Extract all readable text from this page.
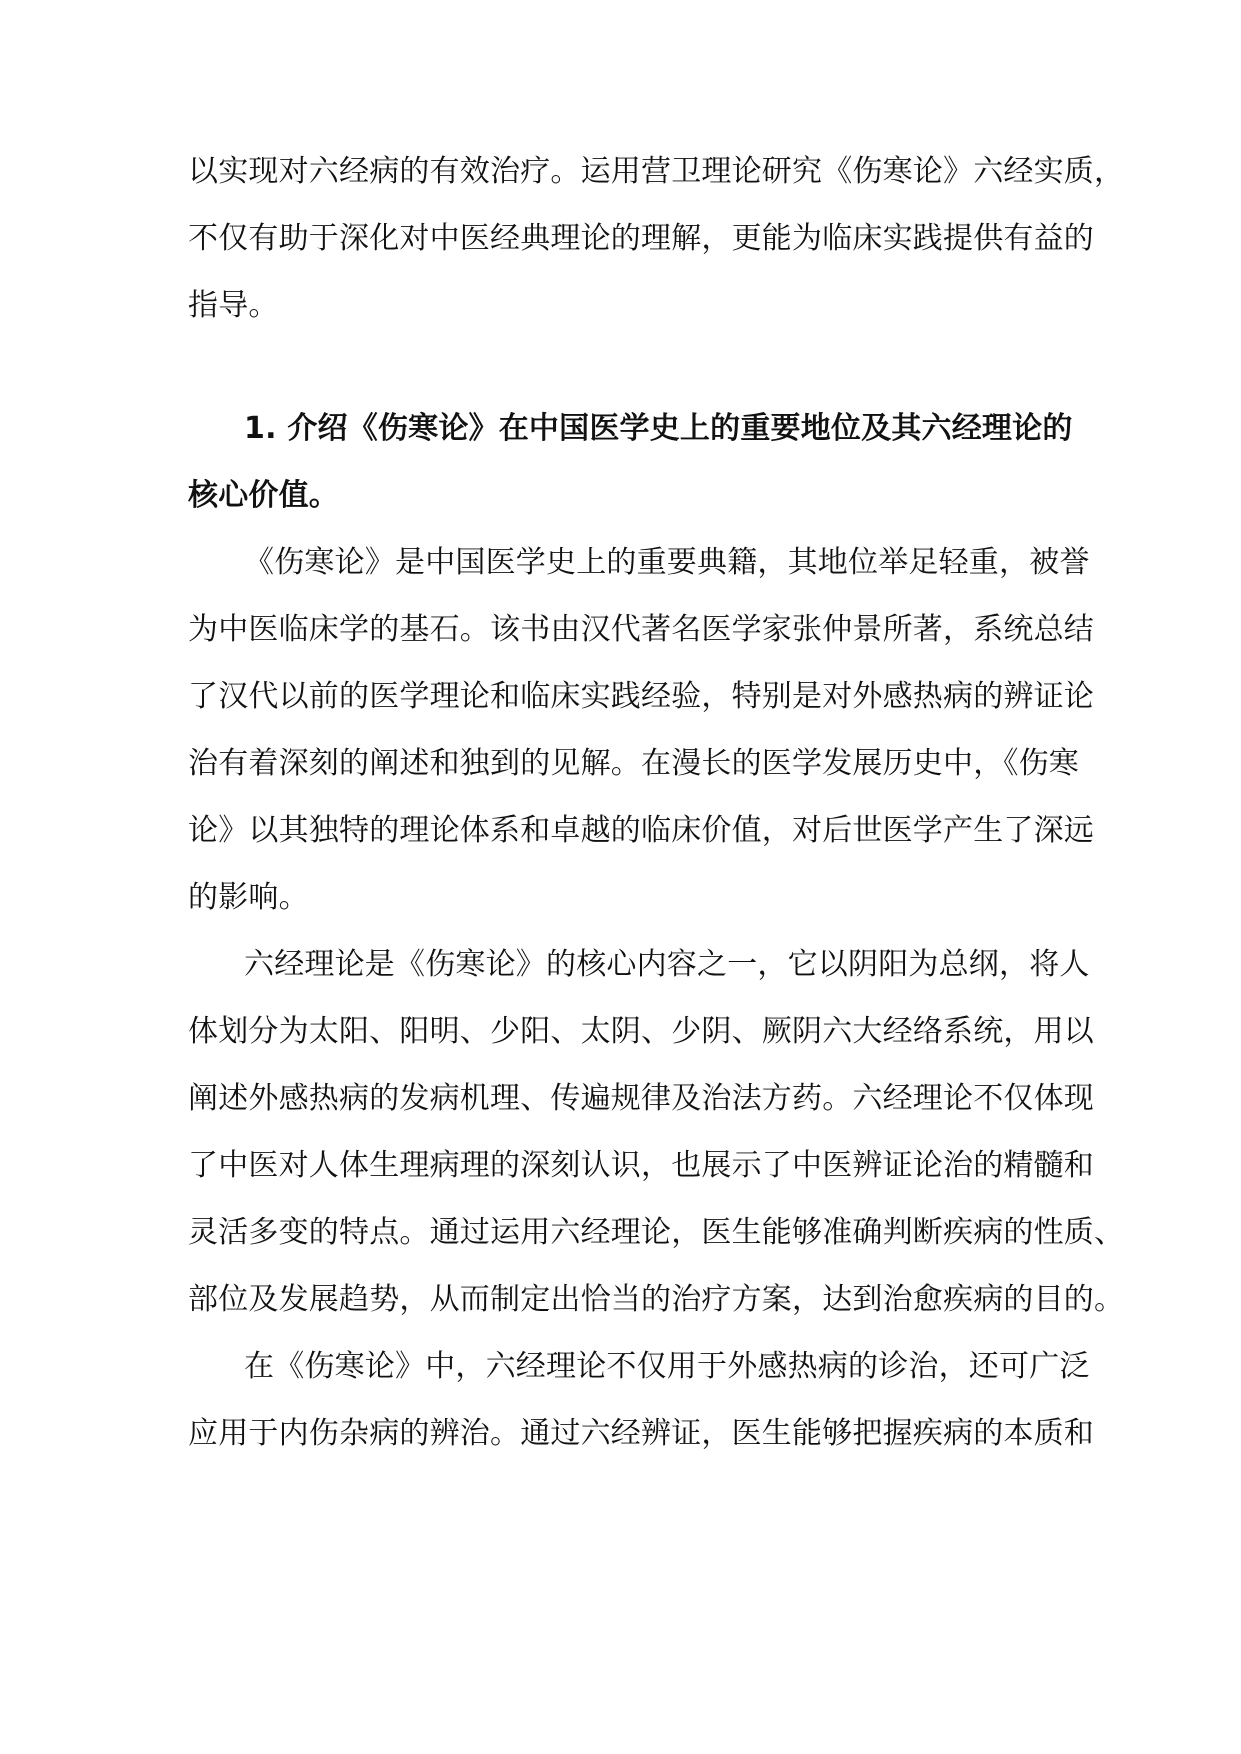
以实现对六经病的有效治疗。运用营卫理论研究《伤寒论》六经实质，
不仅有助于深化对中医经典理论的理解，更能为临床实践提供有益的
指导。
1. 介绍《伤寒论》在中国医学史上的重要地位及其六经理论的
核心价值。
《伤寒论》是中国医学史上的重要典籍，其地位举足轻重，被誉
为中医临床学的基石。该书由汉代著名医学家张仲景所著，系统总结
了汉代以前的医学理论和临床实践经验，特别是对外感热病的辨证论
治有着深刻的阐述和独到的见解。在漫长的医学发展历史中，《伤寒
论》以其独特的理论体系和卓越的临床价值，对后世医学产生了深远
的影响。
六经理论是《伤寒论》的核心内容之一，它以阴阳为总纲，将人
体划分为太阳、阳明、少阳、太阴、少阴、厥阴六大经络系统，用以
阐述外感热病的发病机理、传遍规律及治法方药。六经理论不仅体现
了中医对人体生理病理的深刻认识，也展示了中医辨证论治的精髓和
灵活多变的特点。通过运用六经理论，医生能够准确判断疾病的性质、
部位及发展趋势，从而制定出恰当的治疗方案，达到治愈疾病的目的。
在《伤寒论》中，六经理论不仅用于外感热病的诊治，还可广泛
应用于内伤杂病的辨治。通过六经辨证，医生能够把握疾病的本质和
